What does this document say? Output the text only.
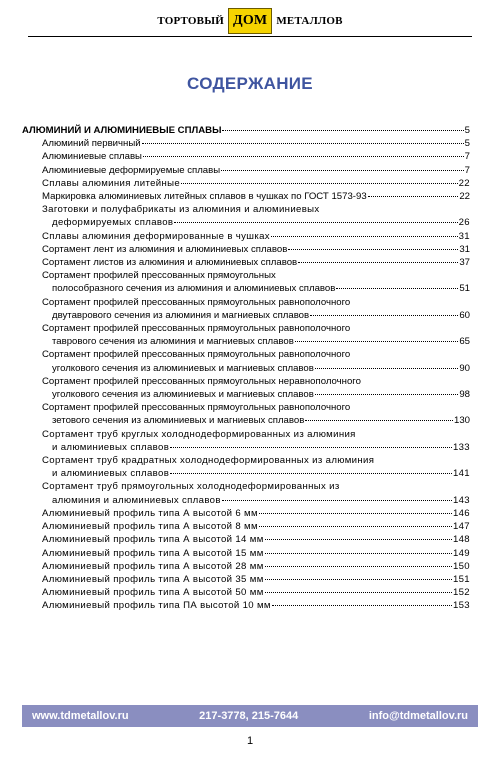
ТОРТОВЫЙ ДОМ МЕТАЛЛОВ
СОДЕРЖАНИЕ
АЛЮМИНИЙ И АЛЮМИНИЕВЫЕ СПЛАВЫ	5
Алюминий первичный	5
Алюминиевые сплавы	7
Алюминиевые деформируемые сплавы	7
Сплавы алюминия литейные	22
Маркировка алюминиевых литейных сплавов в чушках по ГОСТ 1573-93	22
Заготовки и полуфабрикаты из алюминия и алюминиевых
деформируемых сплавов	26
Сплавы алюминия деформированные в чушках	31
Сортамент лент из алюминия и алюминиевых сплавов	31
Сортамент листов из алюминия и алюминиевых сплавов	37
Сортамент профилей прессованных прямоугольных
полособразного сечения из алюминия и алюминиевых сплавов	51
Сортамент профилей прессованных прямоугольных равнополочного
двутаврового сечения из алюминия и магниевых сплавов	60
Сортамент профилей прессованных прямоугольных равнополочного
таврового сечения из алюминия и магниевых сплавов	65
Сортамент профилей прессованных прямоугольных равнополочного
уголкового сечения из алюминиевых и магниевых сплавов	90
Сортамент профилей прессованных прямоугольных неравнополочного
уголкового сечения из алюминиевых и магниевых сплавов	98
Сортамент профилей прессованных прямоугольных равнополочного
зетового сечения из алюминиевых и магниевых сплавов	130
Сортамент труб круглых холоднодеформированных из алюминия
и алюминиевых сплавов	133
Сортамент труб крадратных холоднодеформированных из алюминия
и алюминиевых сплавов	141
Сортамент труб прямоугольных холоднодеформированных из
алюминия и алюминиевых сплавов	143
Алюминиевый профиль типа А высотой 6 мм	146
Алюминиевый профиль типа А высотой 8 мм	147
Алюминиевый профиль типа А высотой 14 мм	148
Алюминиевый профиль типа А высотой 15 мм	149
Алюминиевый профиль типа А высотой 28 мм	150
Алюминиевый профиль типа А высотой 35 мм	151
Алюминиевый профиль типа А высотой 50 мм	152
Алюминиевый профиль типа ПА высотой 10 мм	153
www.tdmetallov.ru	217-3778, 215-7644	info@tdmetallov.ru
1
